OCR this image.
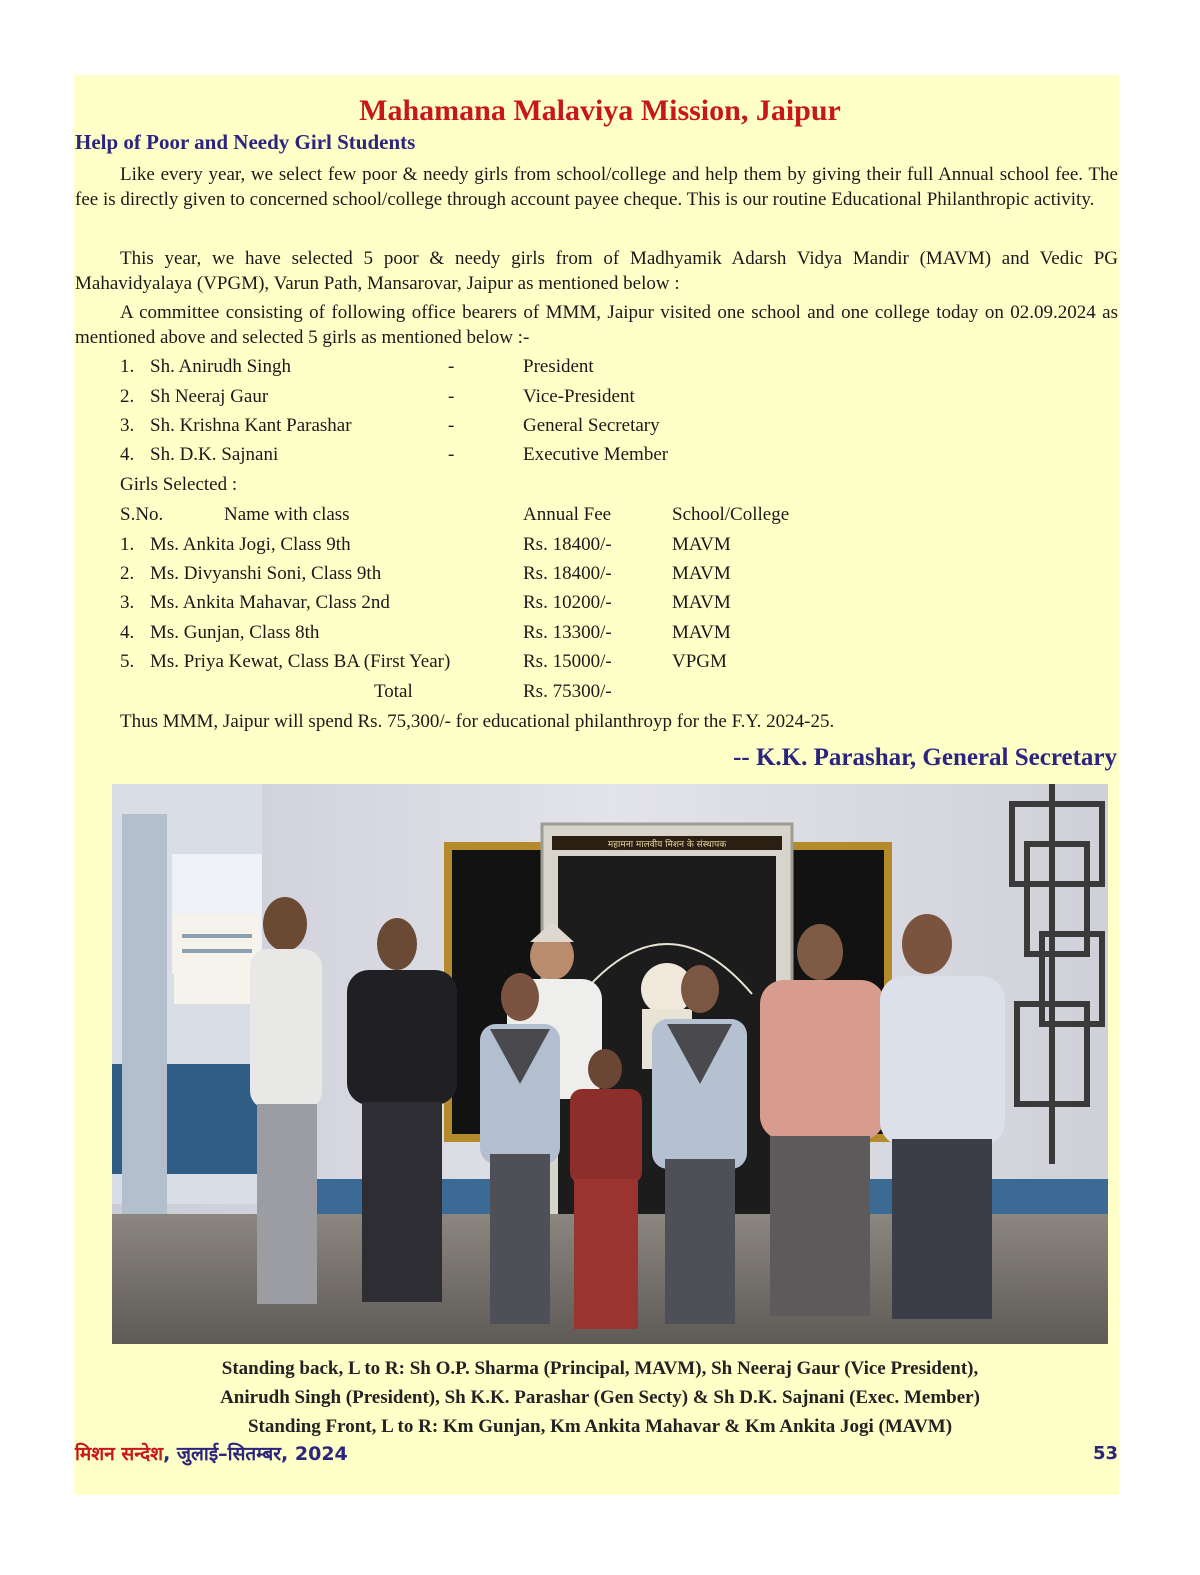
Mahamana Malaviya Mission, Jaipur
Help of Poor and Needy Girl Students
Like every year, we select few poor & needy girls from school/college and help them by giving their full Annual school fee. The fee is directly given to concerned school/college through account payee cheque. This is our routine Educational Philanthropic activity.
This year, we have selected 5 poor & needy girls from of Madhyamik Adarsh Vidya Mandir (MAVM) and Vedic PG Mahavidyalaya (VPGM), Varun Path, Mansarovar, Jaipur as mentioned below :
A committee consisting of following office bearers of MMM, Jaipur visited one school and one college today on 02.09.2024 as mentioned above and selected 5 girls as mentioned below :-
1. Sh. Anirudh Singh	-	President
2. Sh Neeraj Gaur	-	Vice-President
3. Sh. Krishna Kant Parashar	-	General Secretary
4. Sh. D.K. Sajnani	-	Executive Member
Girls Selected :
S.No.	Name with class	Annual Fee	School/College
1. Ms. Ankita Jogi, Class 9th	Rs. 18400/-	MAVM
2. Ms. Divyanshi Soni, Class 9th	Rs. 18400/-	MAVM
3. Ms. Ankita Mahavar, Class 2nd	Rs. 10200/-	MAVM
4. Ms. Gunjan, Class 8th	Rs. 13300/-	MAVM
5. Ms. Priya Kewat, Class BA (First Year)	Rs. 15000/-	VPGM
Total	Rs. 75300/-
Thus MMM, Jaipur will spend Rs. 75,300/- for educational philanthroyp for the F.Y. 2024-25.
-- K.K. Parashar, General Secretary
महामना मालवीय मिशन के संस्थापक
Standing back, L to R: Sh O.P. Sharma (Principal, MAVM), Sh Neeraj Gaur (Vice President),
Anirudh Singh (President), Sh K.K. Parashar (Gen Secty) & Sh D.K. Sajnani (Exec. Member)
Standing Front, L to R: Km Gunjan, Km Ankita Mahavar & Km Ankita Jogi (MAVM)
मिशन सन्देश, जुलाई–सितम्बर, 2024	53
